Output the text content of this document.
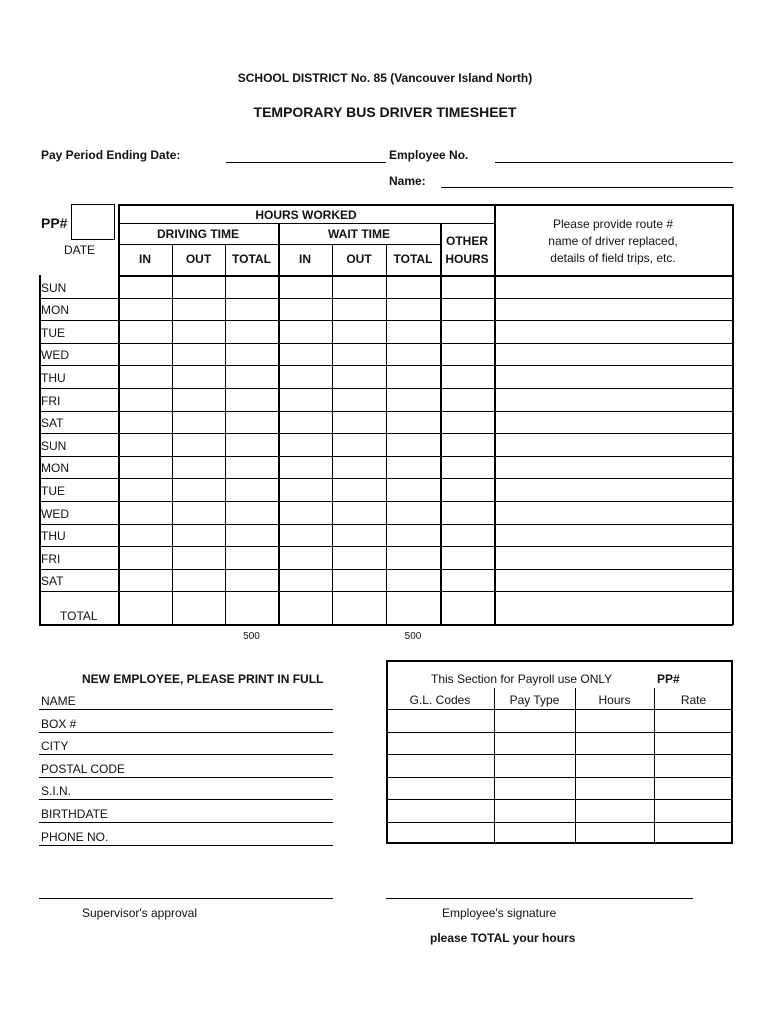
SCHOOL DISTRICT No. 85 (Vancouver Island North)
TEMPORARY BUS DRIVER TIMESHEET
Pay Period Ending Date:	Employee No.
Name:
PP#
DATE
HOURS WORKED
DRIVING TIME	WAIT TIME
IN	OUT	TOTAL	IN	OUT	TOTAL
OTHER
HOURS
Please provide route #
name of driver replaced,
details of field trips, etc.
SUN
MON
TUE
WED
THU
FRI
SAT
SUN
MON
TUE
WED
THU
FRI
SAT
TOTAL
500	500
NEW EMPLOYEE, PLEASE PRINT IN FULL
NAME
BOX #
CITY
POSTAL CODE
S.I.N.
BIRTHDATE
PHONE NO.
This Section for Payroll use ONLY	PP#
G.L. Codes	Pay Type	Hours	Rate
Supervisor's approval	Employee's signature
please TOTAL your hours
